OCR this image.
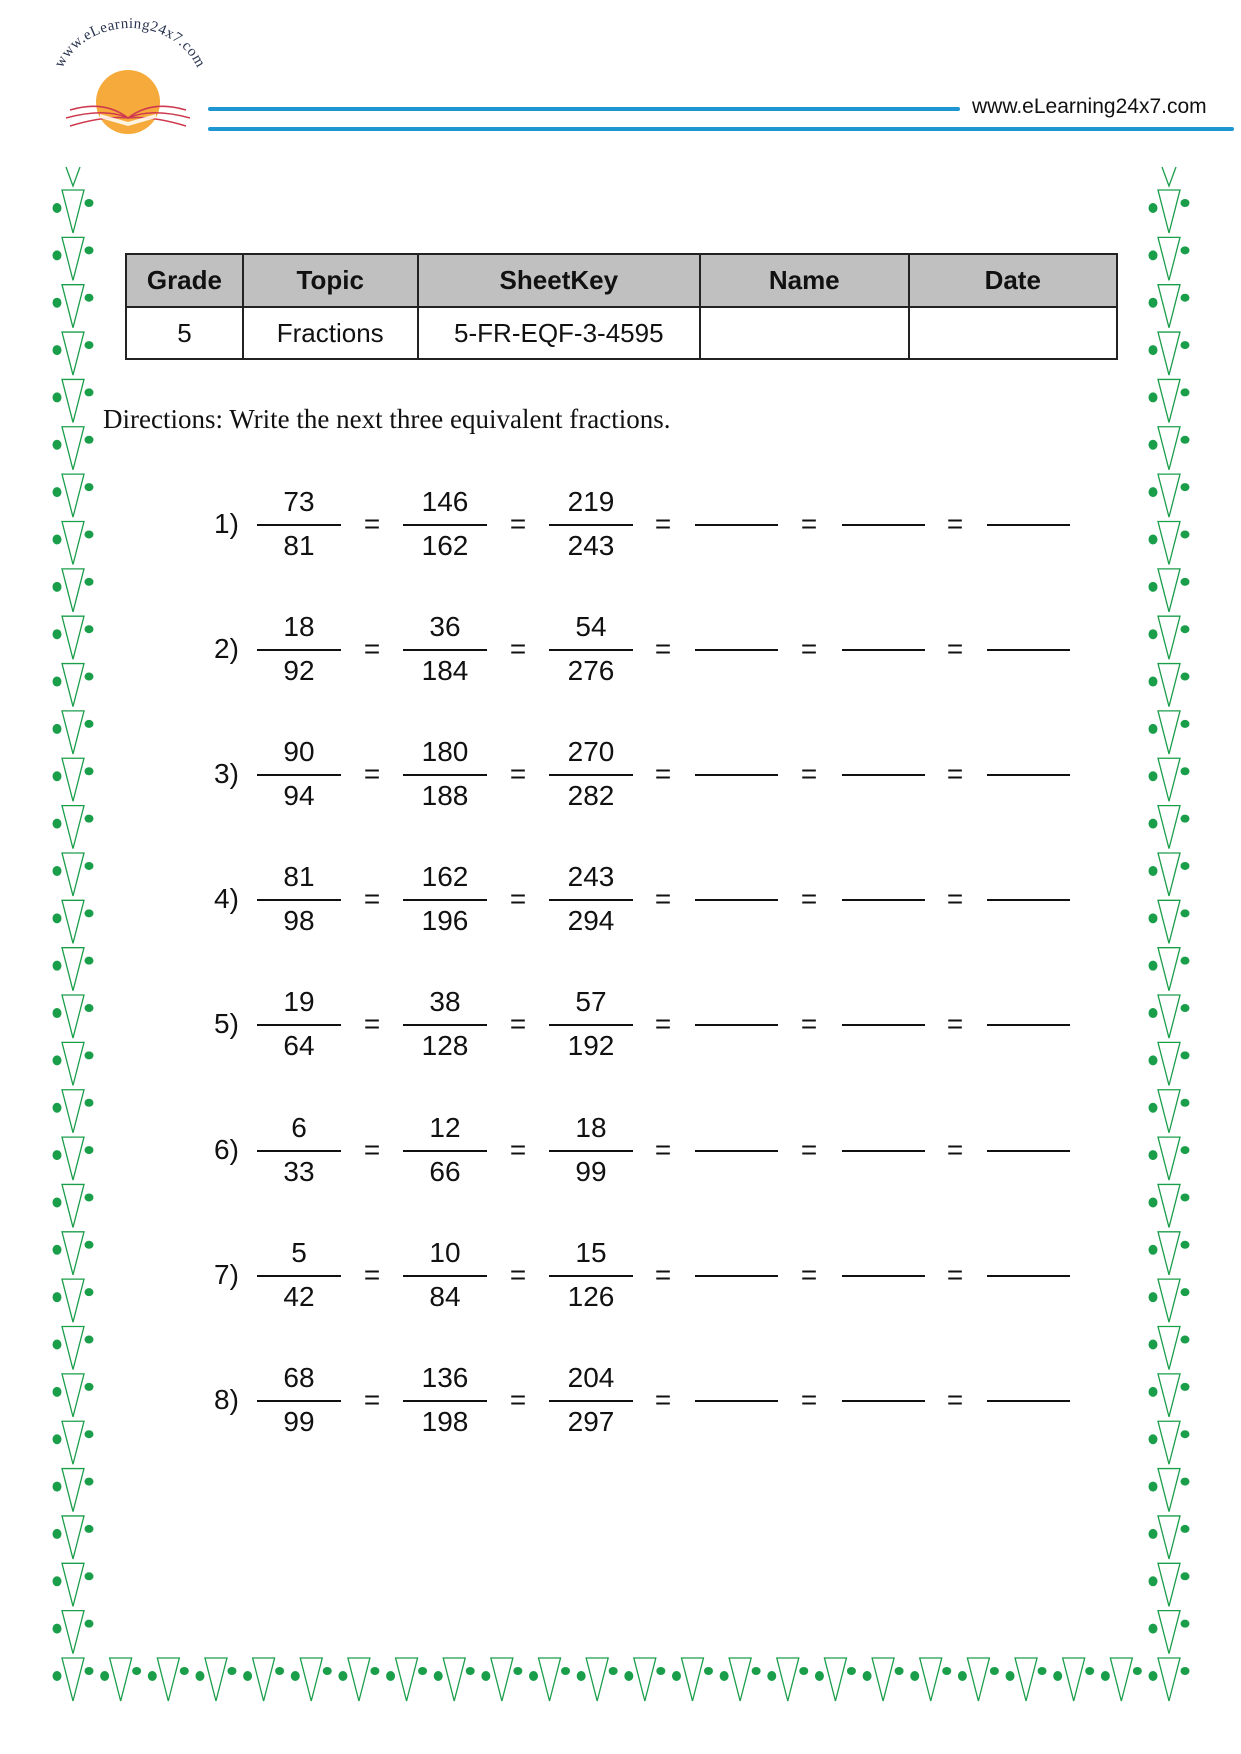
www.eLearning24x7.com
www.eLearning24x7.com
Grade	Topic	SheetKey	Name	Date
5	Fractions	5-FR-EQF-3-4595		
Directions: Write the next three equivalent fractions.
1)
73
81
146
162
219
243
=	=	=	=	=
2)
18
92
36
184
54
276
=	=	=	=	=
3)
90
94
180
188
270
282
=	=	=	=	=
4)
81
98
162
196
243
294
=	=	=	=	=
5)
19
64
38
128
57
192
=	=	=	=	=
6)
6
33
12
66
18
99
=	=	=	=	=
7)
5
42
10
84
15
126
=	=	=	=	=
8)
68
99
136
198
204
297
=	=	=	=	=
